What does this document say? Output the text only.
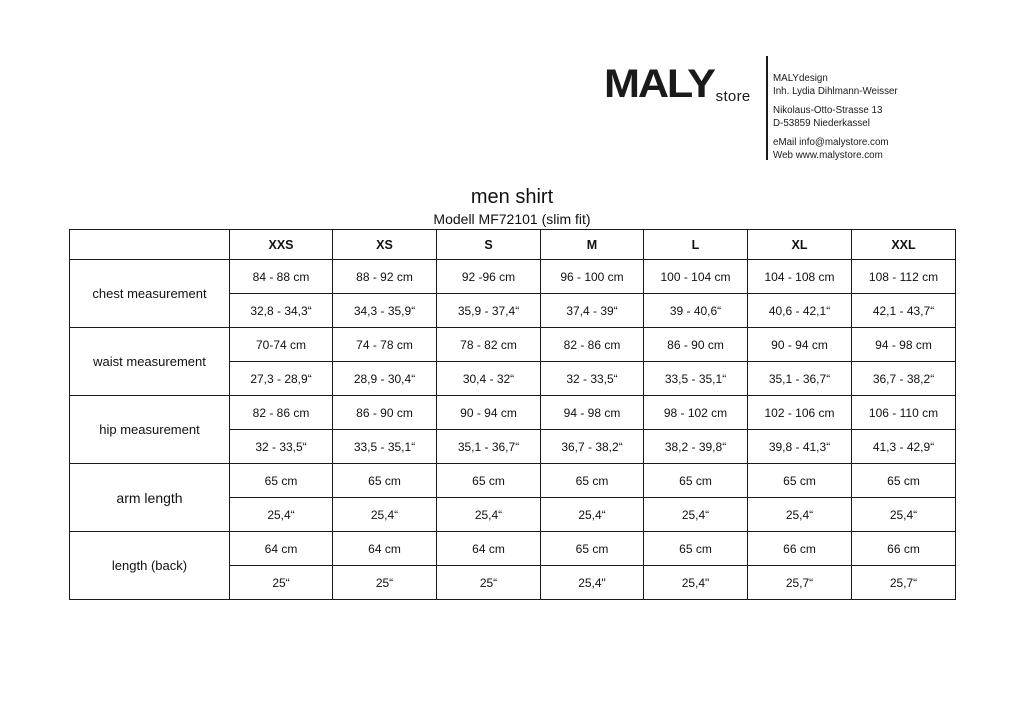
MALY store
MALYdesign
Inh. Lydia Dihlmann-Weisser
Nikolaus-Otto-Strasse 13
D-53859 Niederkassel
eMail info@malystore.com
Web www.malystore.com
men shirt
Modell MF72101 (slim fit)
	XXS	XS	S	M	L	XL	XXL
chest measurement	84 - 88 cm	88 - 92 cm	92 -96 cm	96 - 100 cm	100 - 104 cm	104 - 108 cm	108 - 112 cm
	32,8 - 34,3“	34,3 - 35,9“	35,9 - 37,4“	37,4 - 39“	39 - 40,6“	40,6 - 42,1“	42,1 - 43,7“
waist measurement	70-74 cm	74 - 78 cm	78 - 82 cm	82 - 86 cm	86 - 90 cm	90 - 94 cm	94 - 98 cm
	27,3 - 28,9“	28,9 - 30,4“	30,4 - 32“	32 - 33,5“	33,5 - 35,1“	35,1 - 36,7“	36,7 - 38,2“
hip measurement	82 - 86 cm	86 - 90 cm	90 - 94 cm	94 - 98 cm	98 - 102 cm	102 - 106 cm	106 - 110 cm
	32 - 33,5“	33,5 - 35,1“	35,1 - 36,7“	36,7 - 38,2“	38,2 - 39,8“	39,8 - 41,3“	41,3 - 42,9“
arm length	65 cm	65 cm	65 cm	65 cm	65 cm	65 cm	65 cm
	25,4“	25,4“	25,4“	25,4“	25,4“	25,4“	25,4“
length (back)	64 cm	64 cm	64 cm	65 cm	65 cm	66 cm	66 cm
	25“	25“	25“	25,4"	25,4"	25,7“	25,7“
